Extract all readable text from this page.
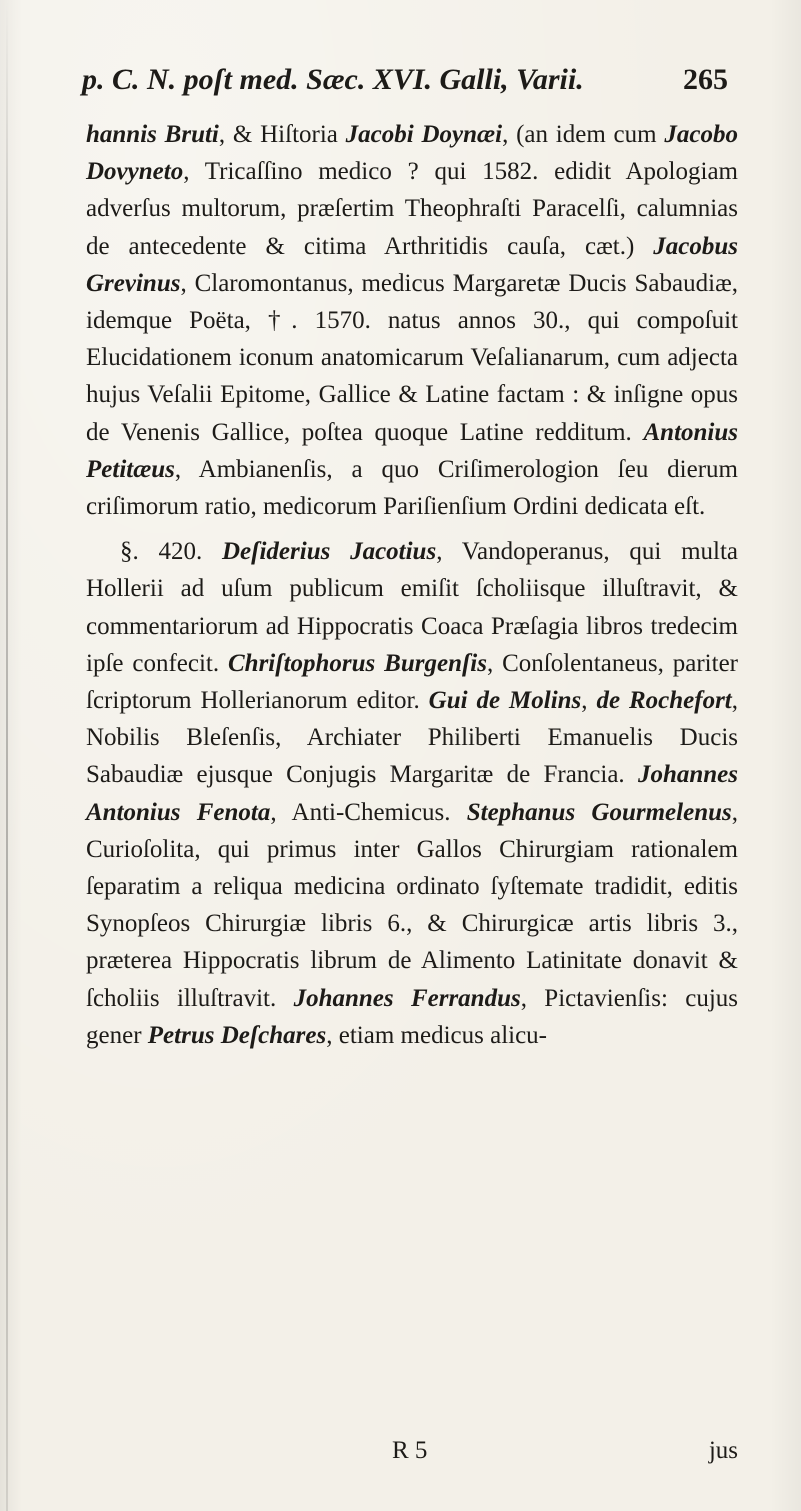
p. C. N. poſt med. Sæc. XVI. Galli, Varii.	265

hannis Bruti, & Hiſtoria Jacobi Doynæi, (an idem cum Jacobo Dovyneto, Tricaſſino medico ? qui 1582. edidit Apologiam adverſus multorum, præſertim Theophraſti Paracelſi, calumnias de antecedente & citima Arthritidis cauſa, cæt.) Jacobus Grevinus, Claromontanus, medicus Margaretæ Ducis Sabaudiæ, idemque Poëta, †. 1570. natus annos 30., qui compoſuit Elucidationem iconum anatomicarum Veſalianarum, cum adjecta hujus Veſalii Epitome, Gallice & Latine factam : & inſigne opus de Venenis Gallice, poſtea quoque Latine redditum. Antonius Petitæus, Ambianenſis, a quo Criſimerologion ſeu dierum criſimorum ratio, medicorum Pariſienſium Ordini dedicata eſt.

§. 420. Deſiderius Jacotius, Vandoperanus, qui multa Hollerii ad uſum publicum emiſit ſcholiisque illuſtravit, & commentariorum ad Hippocratis Coaca Præſagia libros tredecim ipſe confecit. Chriſtophorus Burgenſis, Conſolentaneus, pariter ſcriptorum Hollerianorum editor. Gui de Molins, de Rochefort, Nobilis Bleſenſis, Archiater Philiberti Emanuelis Ducis Sabaudiæ ejusque Conjugis Margaritæ de Francia. Johannes Antonius Fenota, Anti-Chemicus. Stephanus Gourmelenus, Curioſolita, qui primus inter Gallos Chirurgiam rationalem ſeparatim a reliqua medicina ordinato ſyſtemate tradidit, editis Synopſeos Chirurgiæ libris 6., & Chirurgicæ artis libris 3., præterea Hippocratis librum de Alimento Latinitate donavit & ſcholiis illuſtravit. Johannes Ferrandus, Pictavienſis: cujus gener Petrus Deſchares, etiam medicus alicu-

R 5	jus
